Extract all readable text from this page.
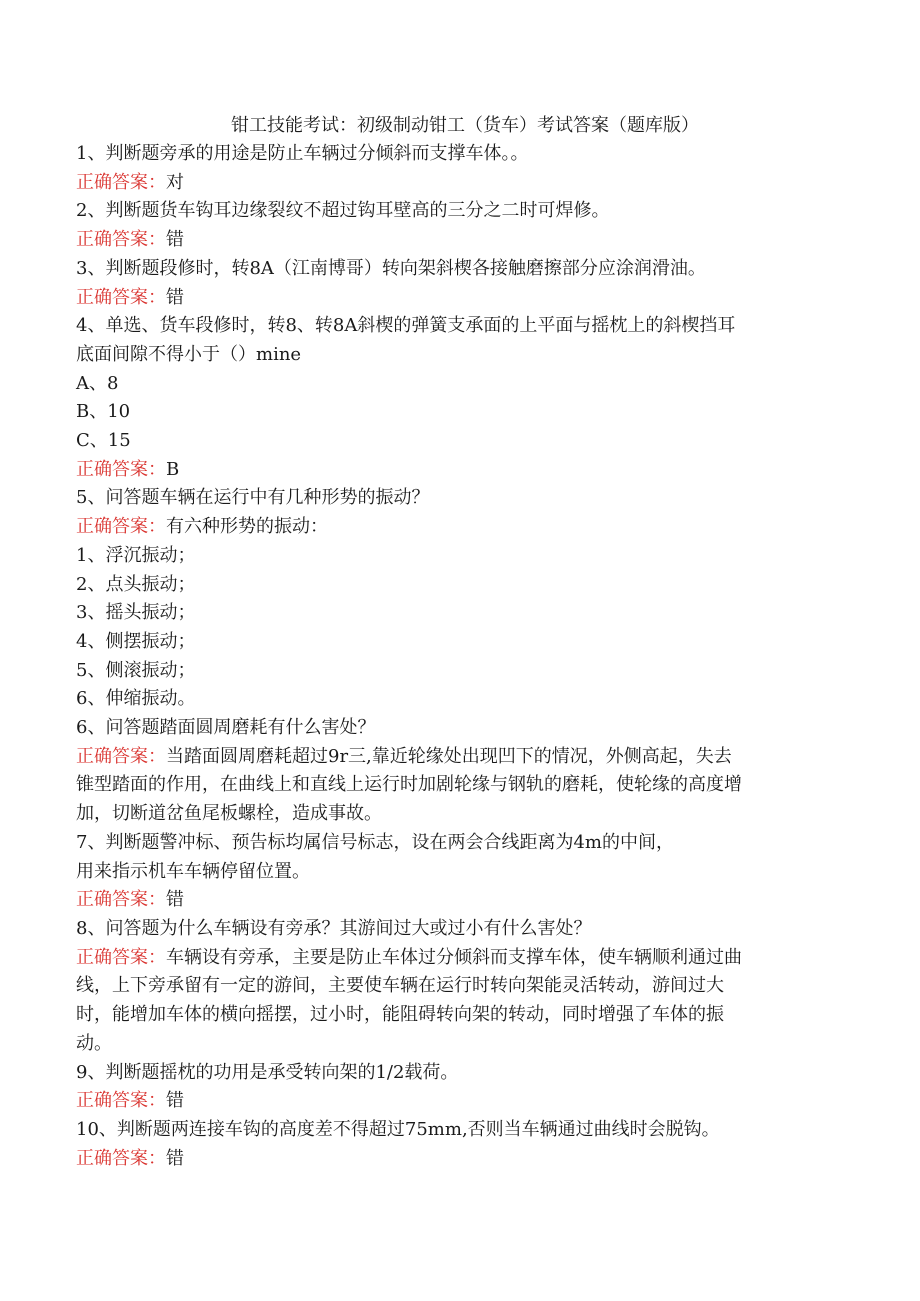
钳工技能考试：初级制动钳工（货车）考试答案（题库版）
1、判断题旁承的用途是防止车辆过分倾斜而支撑车体。。
正确答案：对
2、判断题货车钩耳边缘裂纹不超过钩耳壁高的三分之二时可焊修。
正确答案：错
3、判断题段修时，转8A（江南博哥）转向架斜楔各接触磨擦部分应涂润滑油。
正确答案：错
4、单选、货车段修时，转8、转8A斜楔的弹簧支承面的上平面与摇枕上的斜楔挡耳
底面间隙不得小于（）mine
A、8
B、10
C、15
正确答案：B
5、问答题车辆在运行中有几种形势的振动？
正确答案：有六种形势的振动：
1、浮沉振动；
2、点头振动；
3、摇头振动；
4、侧摆振动；
5、侧滚振动；
6、伸缩振动。
6、问答题踏面圆周磨耗有什么害处？
正确答案：当踏面圆周磨耗超过9r三,靠近轮缘处出现凹下的情况，外侧高起，失去
锥型踏面的作用，在曲线上和直线上运行时加剧轮缘与钢轨的磨耗，使轮缘的高度增
加，切断道岔鱼尾板螺栓，造成事故。
7、判断题警冲标、预告标均属信号标志，设在两会合线距离为4m的中间，
用来指示机车车辆停留位置。
正确答案：错
8、问答题为什么车辆设有旁承？其游间过大或过小有什么害处？
正确答案：车辆设有旁承，主要是防止车体过分倾斜而支撑车体，使车辆顺利通过曲
线，上下旁承留有一定的游间，主要使车辆在运行时转向架能灵活转动，游间过大
时，能增加车体的横向摇摆，过小时，能阻碍转向架的转动，同时增强了车体的振
动。
9、判断题摇枕的功用是承受转向架的1/2载荷。
正确答案：错
10、判断题两连接车钩的高度差不得超过75mm,否则当车辆通过曲线时会脱钩。
正确答案：错
